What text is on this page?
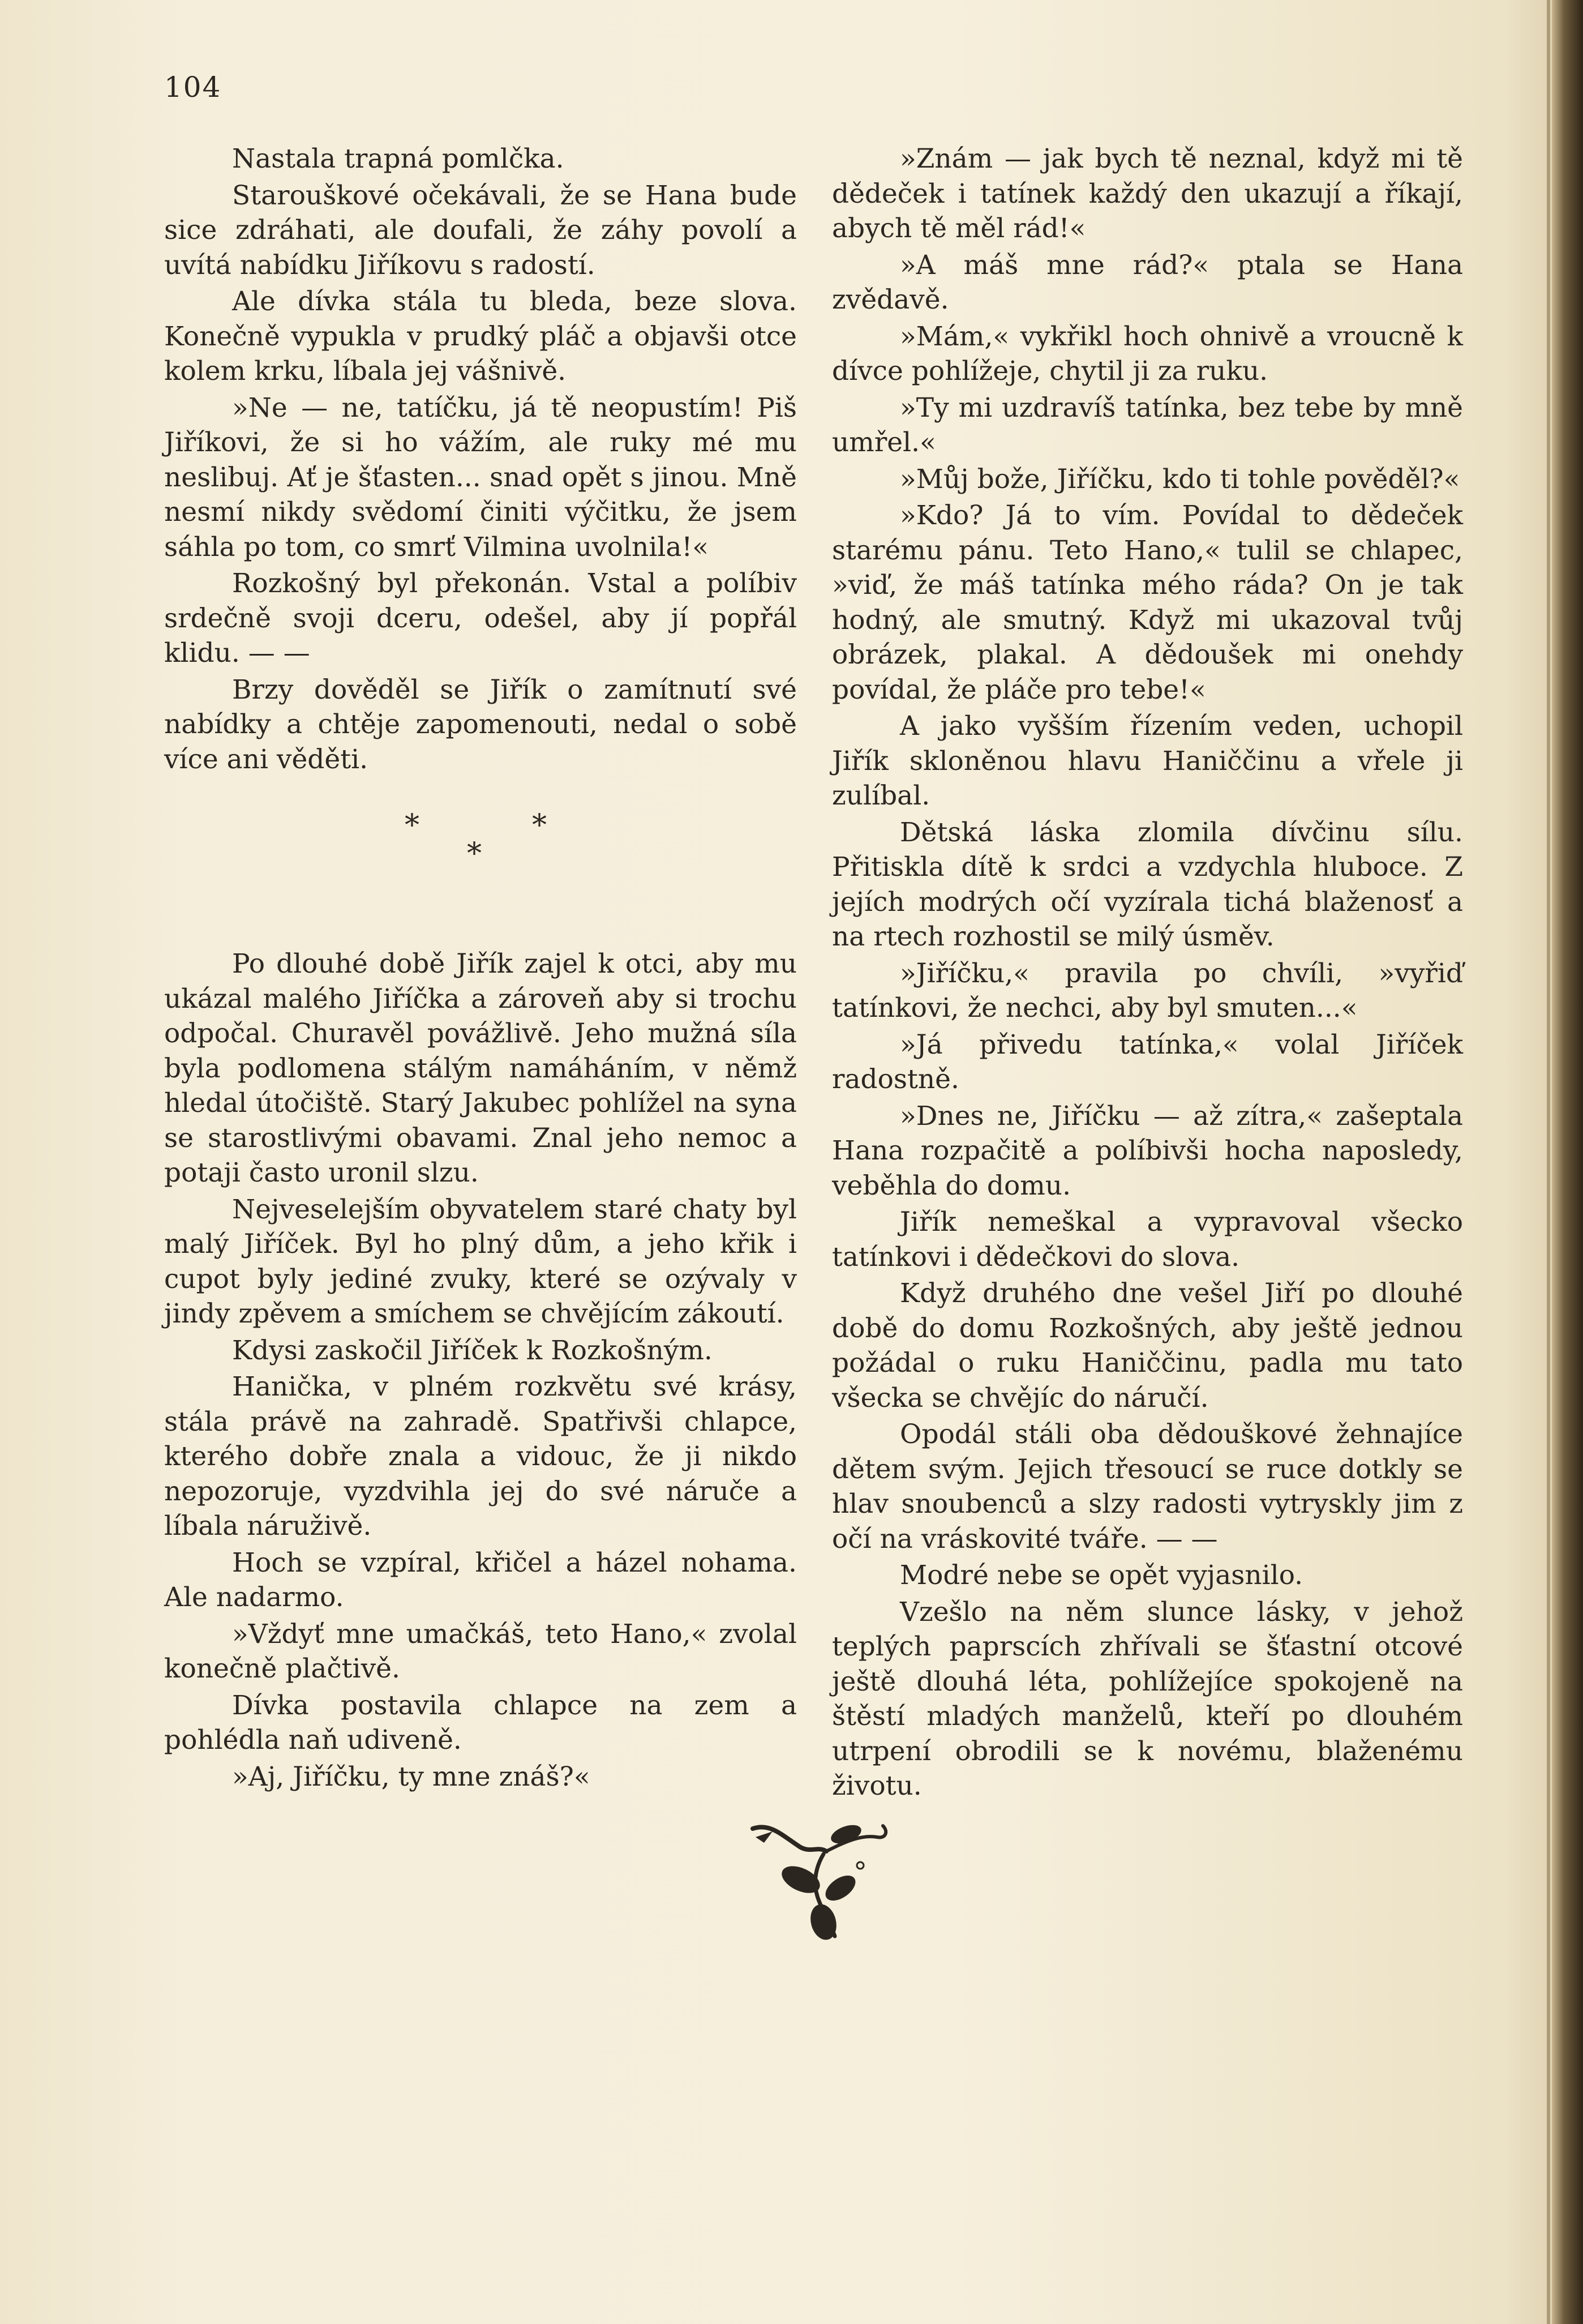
104

Nastala trapná pomlčka.

Starouškové očekávali, že se Hana bude sice zdráhati, ale doufali, že záhy povolí a uvítá nabídku Jiříkovu s radostí.

Ale dívka stála tu bleda, beze slova. Konečně vypukla v prudký pláč a objavši otce kolem krku, líbala jej vášnivě.

»Ne — ne, tatíčku, já tě neopustím! Piš Jiříkovi, že si ho vážím, ale ruky mé mu neslibuj. Ať je šťasten... snad opět s jinou. Mně nesmí nikdy svědomí činiti výčitku, že jsem sáhla po tom, co smrť Vilmina uvolnila!«

Rozkošný byl překonán. Vstal a políbiv srdečně svoji dceru, odešel, aby jí popřál klidu. — —

Brzy dověděl se Jiřík o zamítnutí své nabídky a chtěje zapomenouti, nedal o sobě více ani věděti.

*	*
*

Po dlouhé době Jiřík zajel k otci, aby mu ukázal malého Jiříčka a zároveň aby si trochu odpočal. Churavěl povážlivě. Jeho mužná síla byla podlomena stálým namáháním, v němž hledal útočiště. Starý Jakubec pohlížel na syna se starostlivými obavami. Znal jeho nemoc a potaji často uronil slzu.

Nejveselejším obyvatelem staré chaty byl malý Jiříček. Byl ho plný dům, a jeho křik i cupot byly jediné zvuky, které se ozývaly v jindy zpěvem a smíchem se chvějícím zákoutí.

Kdysi zaskočil Jiříček k Rozkošným.

Hanička, v plném rozkvětu své krásy, stála právě na zahradě. Spatřivši chlapce, kterého dobře znala a vidouc, že ji nikdo nepozoruje, vyzdvihla jej do své náruče a líbala náruživě.

Hoch se vzpíral, křičel a házel nohama. Ale nadarmo.

»Vždyť mne umačkáš, teto Hano,« zvolal konečně plačtivě.

Dívka postavila chlapce na zem a pohlédla naň udiveně.

»Aj, Jiříčku, ty mne znáš?«

»Znám — jak bych tě neznal, když mi tě dědeček i tatínek každý den ukazují a říkají, abych tě měl rád!«

»A máš mne rád?« ptala se Hana zvědavě.

»Mám,« vykřikl hoch ohnivě a vroucně k dívce pohlížeje, chytil ji za ruku.

»Ty mi uzdravíš tatínka, bez tebe by mně umřel.«

»Můj bože, Jiříčku, kdo ti tohle pověděl?«

»Kdo? Já to vím. Povídal to dědeček starému pánu. Teto Hano,« tulil se chlapec, »viď, že máš tatínka mého ráda? On je tak hodný, ale smutný. Když mi ukazoval tvůj obrázek, plakal. A dědoušek mi onehdy povídal, že pláče pro tebe!«

A jako vyšším řízením veden, uchopil Jiřík skloněnou hlavu Haniččinu a vřele ji zulíbal.

Dětská láska zlomila dívčinu sílu. Přitiskla dítě k srdci a vzdychla hluboce. Z jejích modrých očí vyzírala tichá blaženosť a na rtech rozhostil se milý úsměv.

»Jiříčku,« pravila po chvíli, »vyřiď tatínkovi, že nechci, aby byl smuten...«

»Já přivedu tatínka,« volal Jiříček radostně.

»Dnes ne, Jiříčku — až zítra,« zašeptala Hana rozpačitě a políbivši hocha naposledy, veběhla do domu.

Jiřík nemeškal a vypravoval všecko tatínkovi i dědečkovi do slova.

Když druhého dne vešel Jiří po dlouhé době do domu Rozkošných, aby ještě jednou požádal o ruku Haniččinu, padla mu tato všecka se chvějíc do náručí.

Opodál stáli oba dědouškové žehnajíce dětem svým. Jejich třesoucí se ruce dotkly se hlav snoubenců a slzy radosti vytryskly jim z očí na vráskovité tváře. — —

Modré nebe se opět vyjasnilo.

Vzešlo na něm slunce lásky, v jehož teplých paprscích zhřívali se šťastní otcové ještě dlouhá léta, pohlížejíce spokojeně na štěstí mladých manželů, kteří po dlouhém utrpení obrodili se k novému, blaženému životu.
